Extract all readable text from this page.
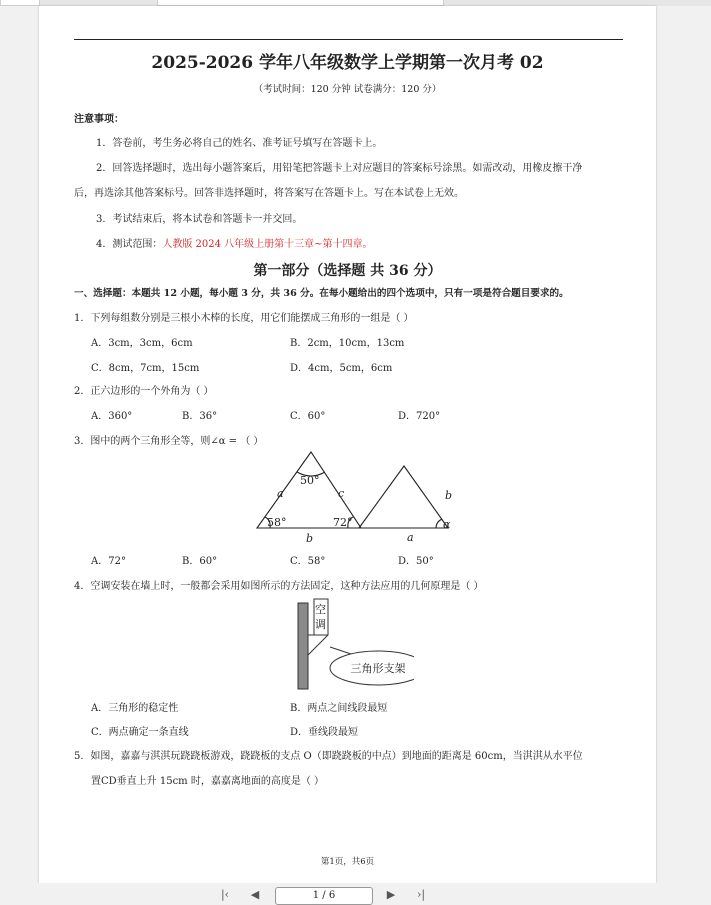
2025-2026 学年八年级数学上学期第一次月考 02
（考试时间：120 分钟 试卷满分：120 分）
注意事项：
1．答卷前，考生务必将自己的姓名、准考证号填写在答题卡上。
2．回答选择题时，选出每小题答案后，用铅笔把答题卡上对应题目的答案标号涂黑。如需改动，用橡皮擦干净
后，再选涂其他答案标号。回答非选择题时，将答案写在答题卡上。写在本试卷上无效。
3．考试结束后，将本试卷和答题卡一并交回。
4．测试范围：人教版 2024 八年级上册第十三章~第十四章。
第一部分（选择题 共 36 分）
一、选择题：本题共 12 小题，每小题 3 分，共 36 分。在每小题给出的四个选项中，只有一项是符合题目要求的。
1．下列每组数分别是三根小木棒的长度，用它们能摆成三角形的一组是（ ）
A．3cm，3cm，6cm	B．2cm，10cm，13cm
C．8cm，7cm，15cm	D．4cm，5cm，6cm
2．正六边形的一个外角为（ ）
A．360°	B．36°	C．60°	D．720°
3．图中的两个三角形全等，则∠α = （ ）
50°
58°	72°
a	c
b
b
α
a
A．72°	B．60°	C．58°	D．50°
4．空调安装在墙上时，一般都会采用如图所示的方法固定，这种方法应用的几何原理是（ ）
空
调
三角形支架
A．三角形的稳定性	B．两点之间线段最短
C．两点确定一条直线	D．垂线段最短
5．如图，嘉嘉与淇淇玩跷跷板游戏，跷跷板的支点 O（即跷跷板的中点）到地面的距离是 60cm，当淇淇从水平位
置CD垂直上升 15cm 时，嘉嘉离地面的高度是（ ）
第1页，共6页
|‹ ◀	1 / 6	▶ ›|
